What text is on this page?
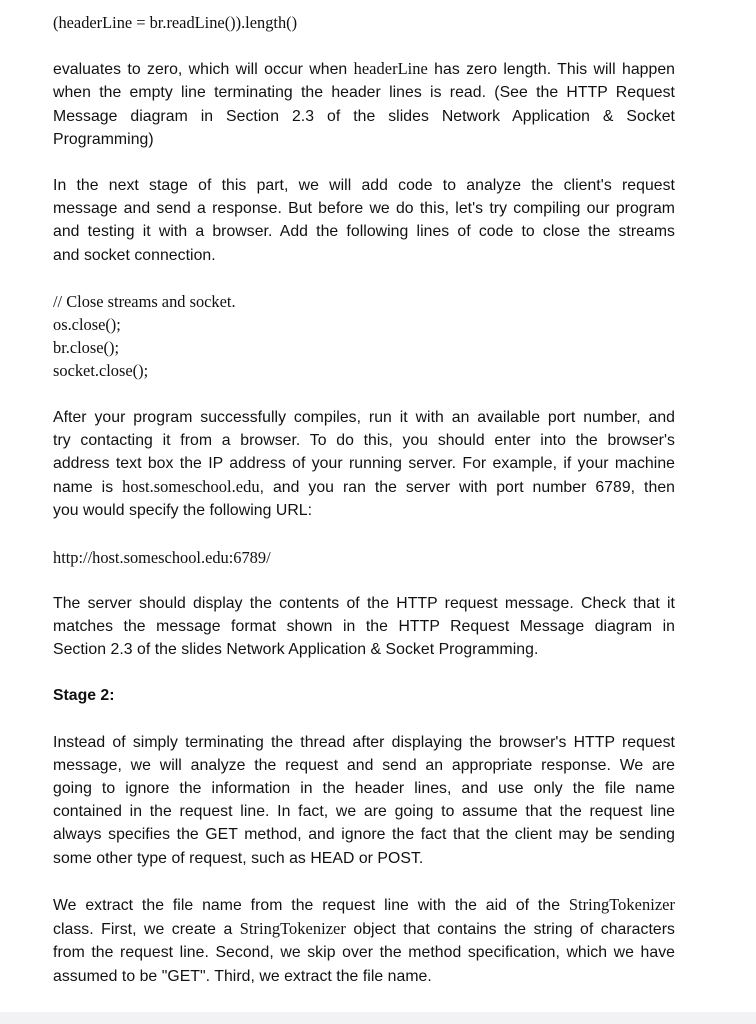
(headerLine = br.readLine()).length()

evaluates to zero, which will occur when headerLine has zero length. This will happen

when the empty line terminating the header lines is read. (See the HTTP Request

Message diagram in Section 2.3 of the slides Network Application & Socket

Programming)

In the next stage of this part, we will add code to analyze the client's request

message and send a response. But before we do this, let's try compiling our program

and testing it with a browser. Add the following lines of code to close the streams

and socket connection.

// Close streams and socket.

os.close();

br.close();

socket.close();

After your program successfully compiles, run it with an available port number, and

try contacting it from a browser. To do this, you should enter into the browser's

address text box the IP address of your running server. For example, if your machine

name is host.someschool.edu, and you ran the server with port number 6789, then

you would specify the following URL:

http://host.someschool.edu:6789/

The server should display the contents of the HTTP request message. Check that it

matches the message format shown in the HTTP Request Message diagram in

Section 2.3 of the slides Network Application & Socket Programming.

Stage 2:

Instead of simply terminating the thread after displaying the browser's HTTP request

message, we will analyze the request and send an appropriate response. We are

going to ignore the information in the header lines, and use only the file name

contained in the request line. In fact, we are going to assume that the request line

always specifies the GET method, and ignore the fact that the client may be sending

some other type of request, such as HEAD or POST.

We extract the file name from the request line with the aid of the StringTokenizer

class. First, we create a StringTokenizer object that contains the string of characters

from the request line. Second, we skip over the method specification, which we have

assumed to be "GET". Third, we extract the file name.
